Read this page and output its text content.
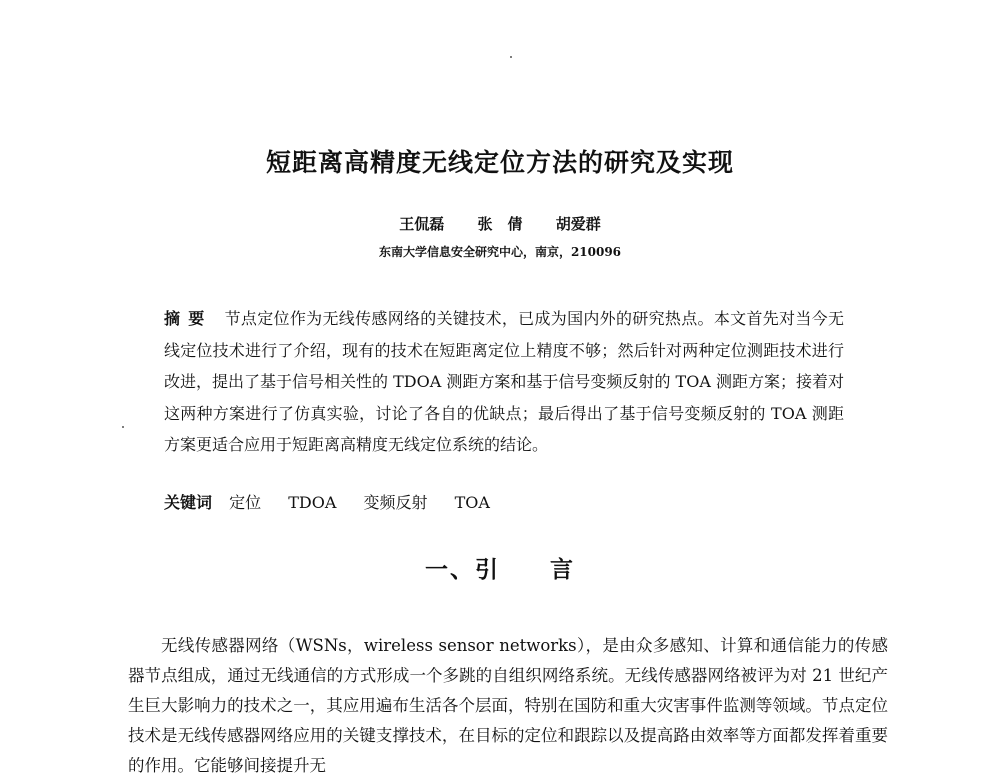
短距离高精度无线定位方法的研究及实现
王侃磊 张　倩 胡爱群
东南大学信息安全研究中心，南京，210096
摘要 节点定位作为无线传感网络的关键技术，已成为国内外的研究热点。本文首先对当今无线定位技术进行了介绍，现有的技术在短距离定位上精度不够；然后针对两种定位测距技术进行改进，提出了基于信号相关性的 TDOA 测距方案和基于信号变频反射的 TOA 测距方案；接着对这两种方案进行了仿真实验，讨论了各自的优缺点；最后得出了基于信号变频反射的 TOA 测距方案更适合应用于短距离高精度无线定位系统的结论。
关键词 定位 TDOA 变频反射 TOA
一、引　　言

无线传感器网络（WSNs，wireless sensor networks），是由众多感知、计算和通信能力的传感器节点组成，通过无线通信的方式形成一个多跳的自组织网络系统。无线传感器网络被评为对 21 世纪产生巨大影响力的技术之一，其应用遍布生活各个层面，特别在国防和重大灾害事件监测等领域。节点定位技术是无线传感器网络应用的关键支撑技术，在目标的定位和跟踪以及提高路由效率等方面都发挥着重要的作用。它能够间接提升无
